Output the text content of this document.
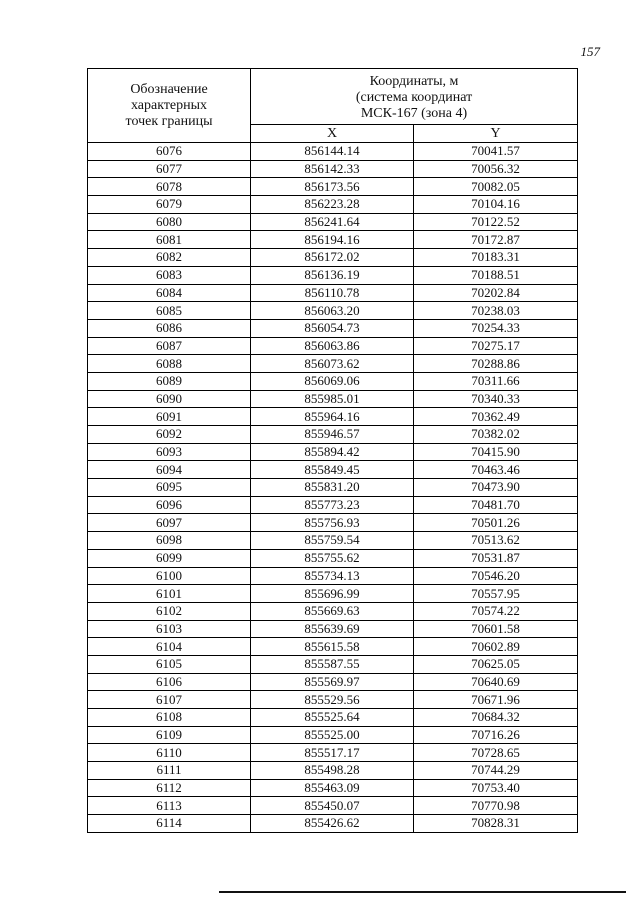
157
Обозначение
характерных
точек границы	Координаты, м
(система координат
МСК-167 (зона 4)	

	X	Y
6076	856144.14	70041.57
6077	856142.33	70056.32
6078	856173.56	70082.05
6079	856223.28	70104.16
6080	856241.64	70122.52
6081	856194.16	70172.87
6082	856172.02	70183.31
6083	856136.19	70188.51
6084	856110.78	70202.84
6085	856063.20	70238.03
6086	856054.73	70254.33
6087	856063.86	70275.17
6088	856073.62	70288.86
6089	856069.06	70311.66
6090	855985.01	70340.33
6091	855964.16	70362.49
6092	855946.57	70382.02
6093	855894.42	70415.90
6094	855849.45	70463.46
6095	855831.20	70473.90
6096	855773.23	70481.70
6097	855756.93	70501.26
6098	855759.54	70513.62
6099	855755.62	70531.87
6100	855734.13	70546.20
6101	855696.99	70557.95
6102	855669.63	70574.22
6103	855639.69	70601.58
6104	855615.58	70602.89
6105	855587.55	70625.05
6106	855569.97	70640.69
6107	855529.56	70671.96
6108	855525.64	70684.32
6109	855525.00	70716.26
6110	855517.17	70728.65
6111	855498.28	70744.29
6112	855463.09	70753.40
6113	855450.07	70770.98
6114	855426.62	70828.31
